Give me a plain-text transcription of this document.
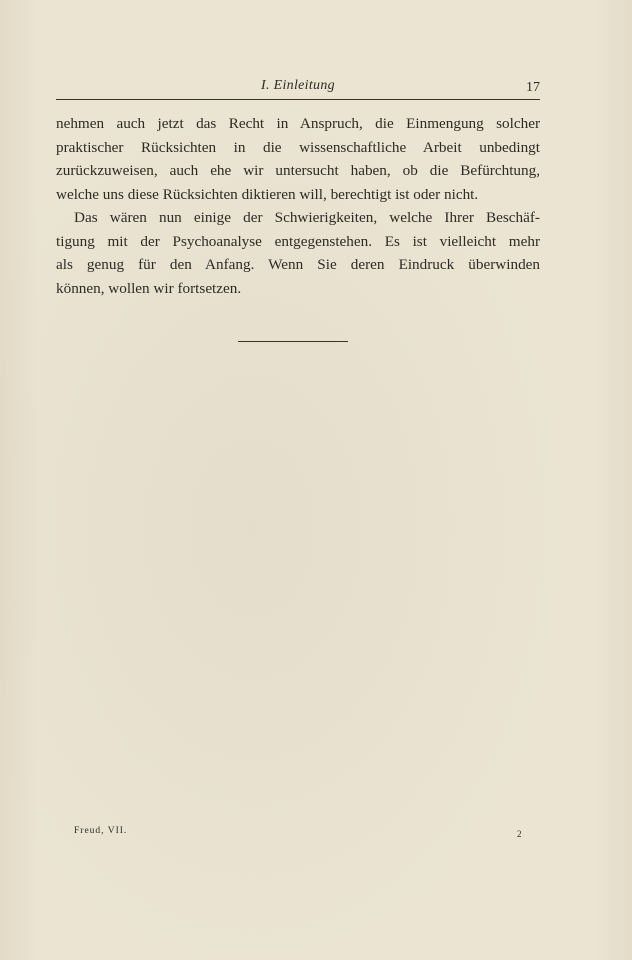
I. Einleitung	17

nehmen auch jetzt das Recht in Anspruch, die Einmengung solcher
praktischer Rücksichten in die wissenschaftliche Arbeit unbedingt
zurückzuweisen, auch ehe wir untersucht haben, ob die Befürchtung,
welche uns diese Rücksichten diktieren will, berechtigt ist oder nicht.

Das wären nun einige der Schwierigkeiten, welche Ihrer Beschäf-
tigung mit der Psychoanalyse entgegenstehen. Es ist vielleicht mehr
als genug für den Anfang. Wenn Sie deren Eindruck überwinden
können, wollen wir fortsetzen.

Freud, VII.	2
